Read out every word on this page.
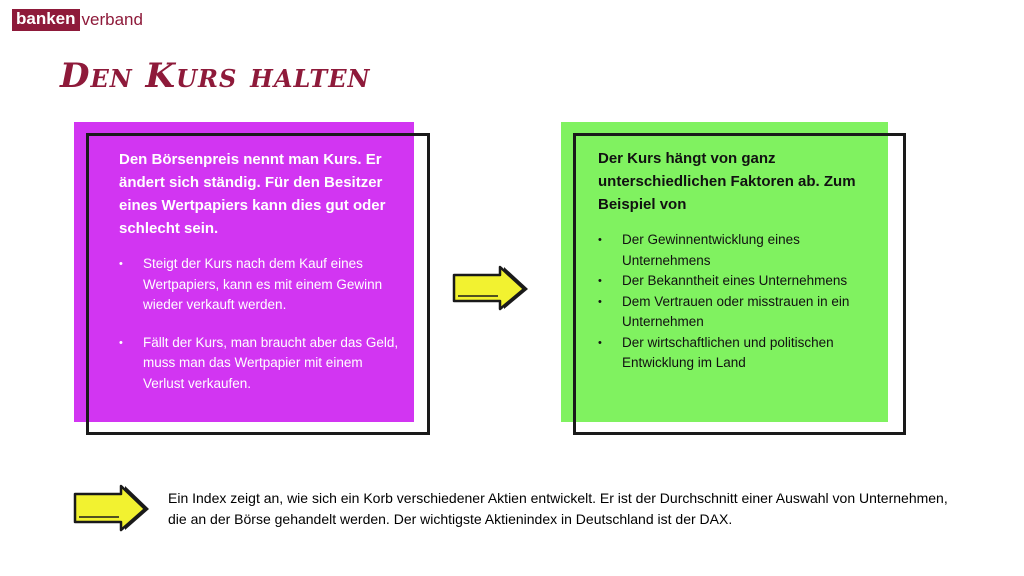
banken verband
Den Kurs halten

Den Börsenpreis nennt man Kurs. Er ändert sich ständig. Für den Besitzer eines Wertpapiers kann dies gut oder schlecht sein.

• Steigt der Kurs nach dem Kauf eines Wertpapiers, kann es mit einem Gewinn wieder verkauft werden.
• Fällt der Kurs, man braucht aber das Geld, muss man das Wertpapier mit einem Verlust verkaufen.

Der Kurs hängt von ganz unterschiedlichen Faktoren ab. Zum Beispiel von

• Der Gewinnentwicklung eines Unternehmens
• Der Bekanntheit eines Unternehmens
• Dem Vertrauen oder misstrauen in ein Unternehmen
• Der wirtschaftlichen und politischen Entwicklung im Land
Ein Index zeigt an, wie sich ein Korb verschiedener Aktien entwickelt. Er ist der Durchschnitt einer Auswahl von Unternehmen, die an der Börse gehandelt werden. Der wichtigste Aktienindex in Deutschland ist der DAX.
